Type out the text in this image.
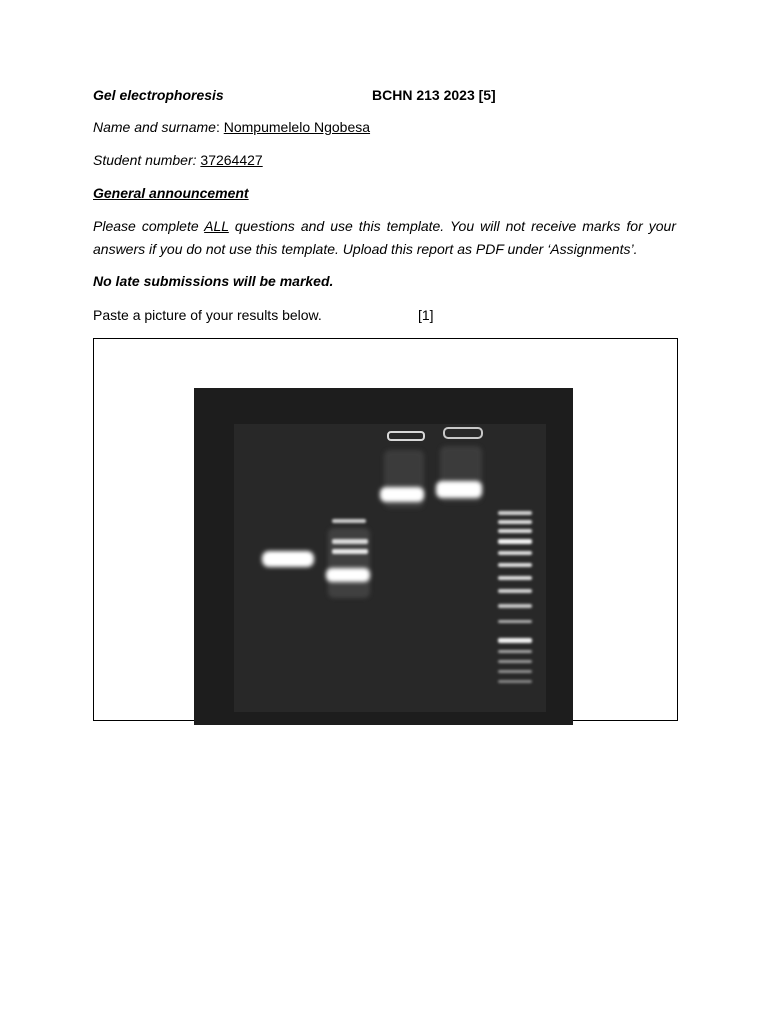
Gel electrophoresis	BCHN 213 2023 [5]
Name and surname: Nompumelelo Ngobesa
Student number: 37264427
General announcement
Please complete ALL questions and use this template. You will not receive marks for your answers if you do not use this template. Upload this report as PDF under ‘Assignments’.
No late submissions will be marked.
Paste a picture of your results below.	[1]
